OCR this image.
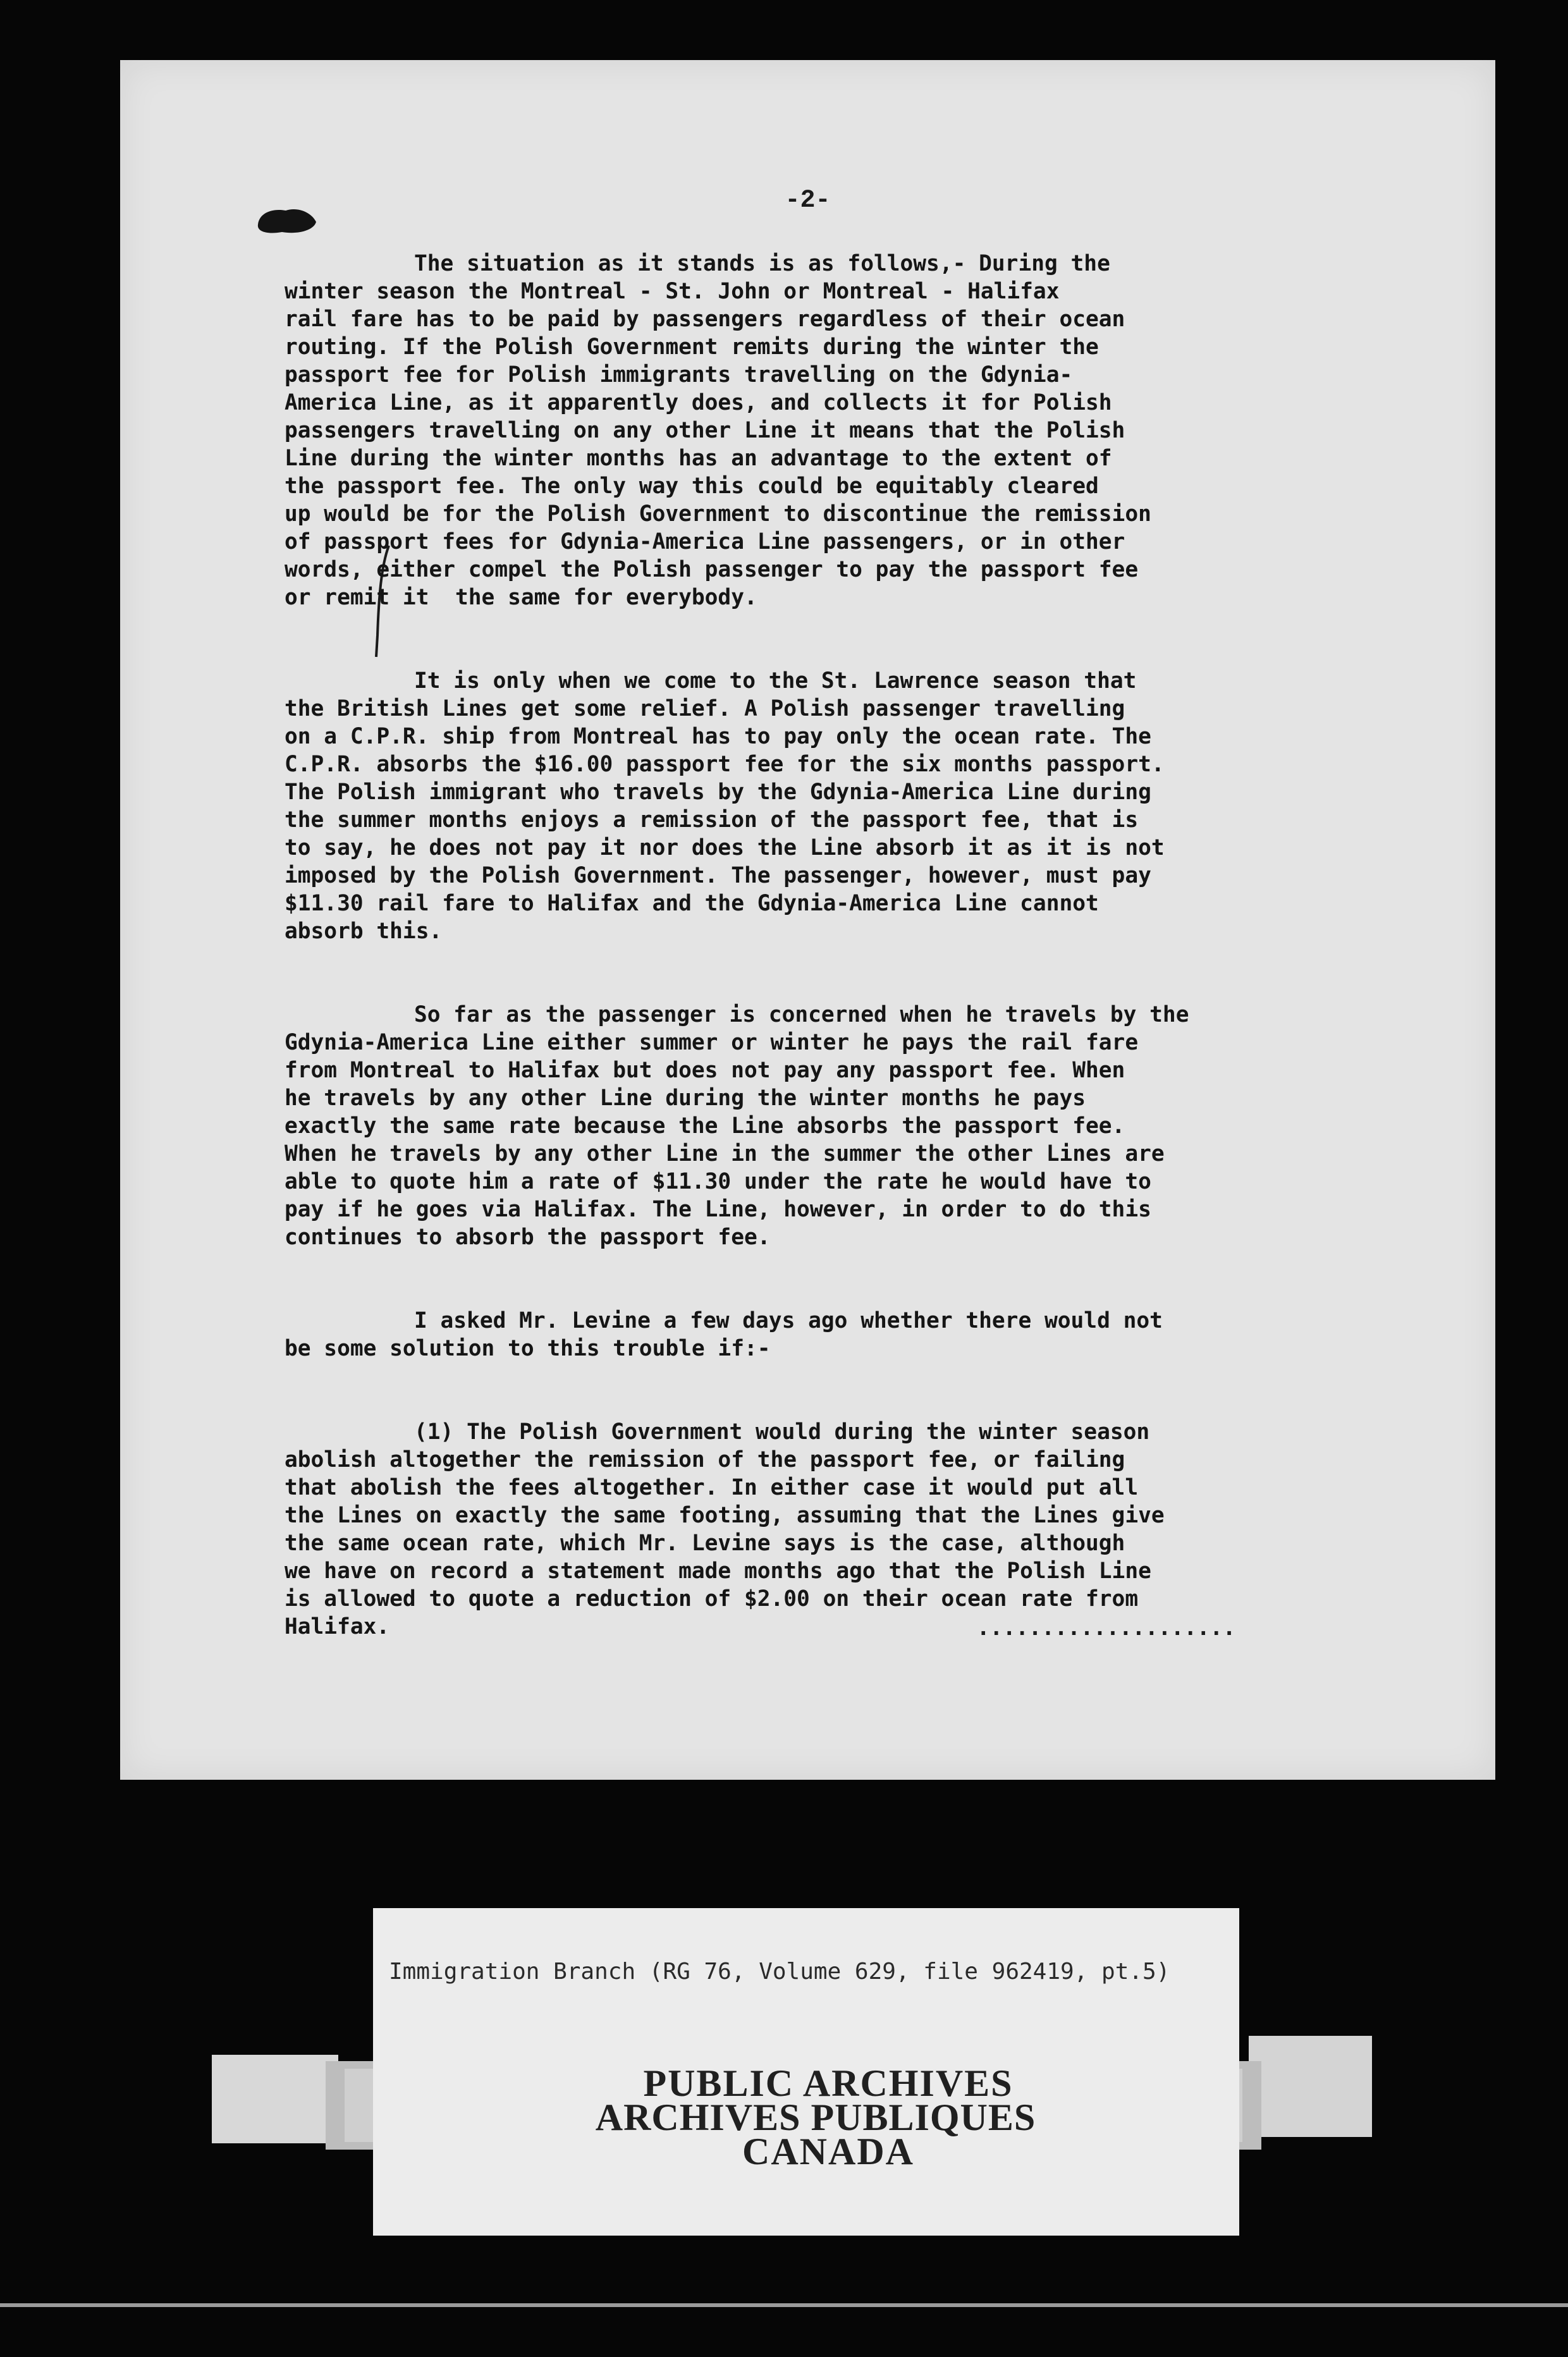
-2-
The situation as it stands is as follows,- During the
winter season the Montreal - St. John or Montreal - Halifax
rail fare has to be paid by passengers regardless of their ocean
routing. If the Polish Government remits during the winter the
passport fee for Polish immigrants travelling on the Gdynia-
America Line, as it apparently does, and collects it for Polish
passengers travelling on any other Line it means that the Polish
Line during the winter months has an advantage to the extent of
the passport fee. The only way this could be equitably cleared
up would be for the Polish Government to discontinue the remission
of passport fees for Gdynia-America Line passengers, or in other
words, either compel the Polish passenger to pay the passport fee
or remit it  the same for everybody.
It is only when we come to the St. Lawrence season that
the British Lines get some relief. A Polish passenger travelling
on a C.P.R. ship from Montreal has to pay only the ocean rate. The
C.P.R. absorbs the $16.00 passport fee for the six months passport.
The Polish immigrant who travels by the Gdynia-America Line during
the summer months enjoys a remission of the passport fee, that is
to say, he does not pay it nor does the Line absorb it as it is not
imposed by the Polish Government. The passenger, however, must pay
$11.30 rail fare to Halifax and the Gdynia-America Line cannot
absorb this.
So far as the passenger is concerned when he travels by the
Gdynia-America Line either summer or winter he pays the rail fare
from Montreal to Halifax but does not pay any passport fee. When
he travels by any other Line during the winter months he pays
exactly the same rate because the Line absorbs the passport fee.
When he travels by any other Line in the summer the other Lines are
able to quote him a rate of $11.30 under the rate he would have to
pay if he goes via Halifax. The Line, however, in order to do this
continues to absorb the passport fee.
I asked Mr. Levine a few days ago whether there would not
be some solution to this trouble if:-
(1) The Polish Government would during the winter season
abolish altogether the remission of the passport fee, or failing
that abolish the fees altogether. In either case it would put all
the Lines on exactly the same footing, assuming that the Lines give
the same ocean rate, which Mr. Levine says is the case, although
we have on record a statement made months ago that the Polish Line
is allowed to quote a reduction of $2.00 on their ocean rate from
Halifax.	....................
Immigration Branch (RG 76, Volume 629, file 962419, pt.5)
PUBLIC ARCHIVES
ARCHIVES PUBLIQUES
CANADA
